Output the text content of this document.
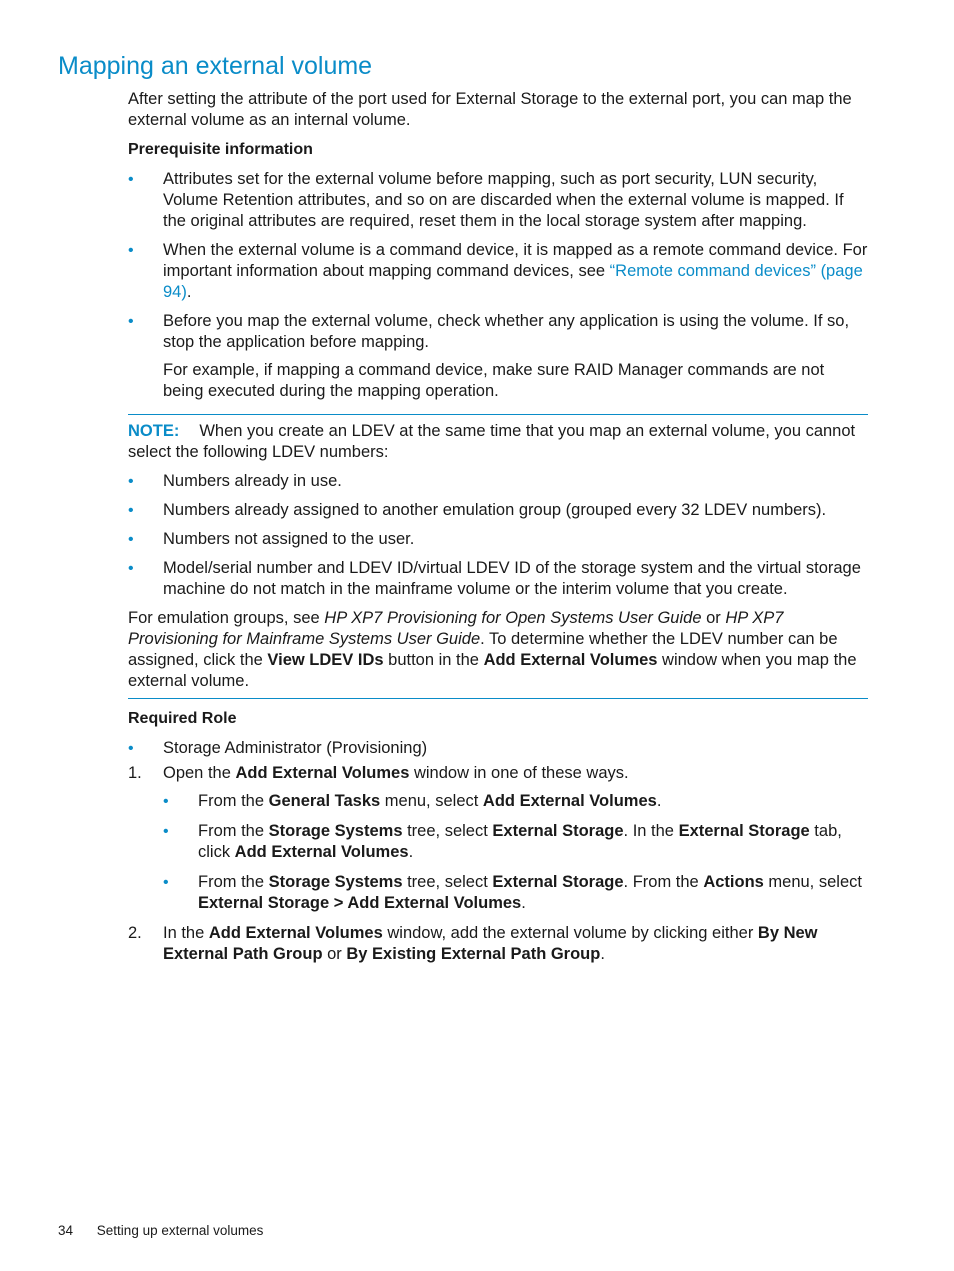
Mapping an external volume

After setting the attribute of the port used for External Storage to the external port, you can map the external volume as an internal volume.

Prerequisite information

• Attributes set for the external volume before mapping, such as port security, LUN security, Volume Retention attributes, and so on are discarded when the external volume is mapped. If the original attributes are required, reset them in the local storage system after mapping.

• When the external volume is a command device, it is mapped as a remote command device. For important information about mapping command devices, see “Remote command devices” (page 94).

• Before you map the external volume, check whether any application is using the volume. If so, stop the application before mapping.

For example, if mapping a command device, make sure RAID Manager commands are not being executed during the mapping operation.

NOTE: When you create an LDEV at the same time that you map an external volume, you cannot select the following LDEV numbers:

• Numbers already in use.
• Numbers already assigned to another emulation group (grouped every 32 LDEV numbers).
• Numbers not assigned to the user.
• Model/serial number and LDEV ID/virtual LDEV ID of the storage system and the virtual storage machine do not match in the mainframe volume or the interim volume that you create.

For emulation groups, see HP XP7 Provisioning for Open Systems User Guide or HP XP7 Provisioning for Mainframe Systems User Guide. To determine whether the LDEV number can be assigned, click the View LDEV IDs button in the Add External Volumes window when you map the external volume.

Required Role

• Storage Administrator (Provisioning)
1. Open the Add External Volumes window in one of these ways.

• From the General Tasks menu, select Add External Volumes.
• From the Storage Systems tree, select External Storage. In the External Storage tab, click Add External Volumes.
• From the Storage Systems tree, select External Storage. From the Actions menu, select External Storage > Add External Volumes.
2. In the Add External Volumes window, add the external volume by clicking either By New External Path Group or By Existing External Path Group.

34 Setting up external volumes
